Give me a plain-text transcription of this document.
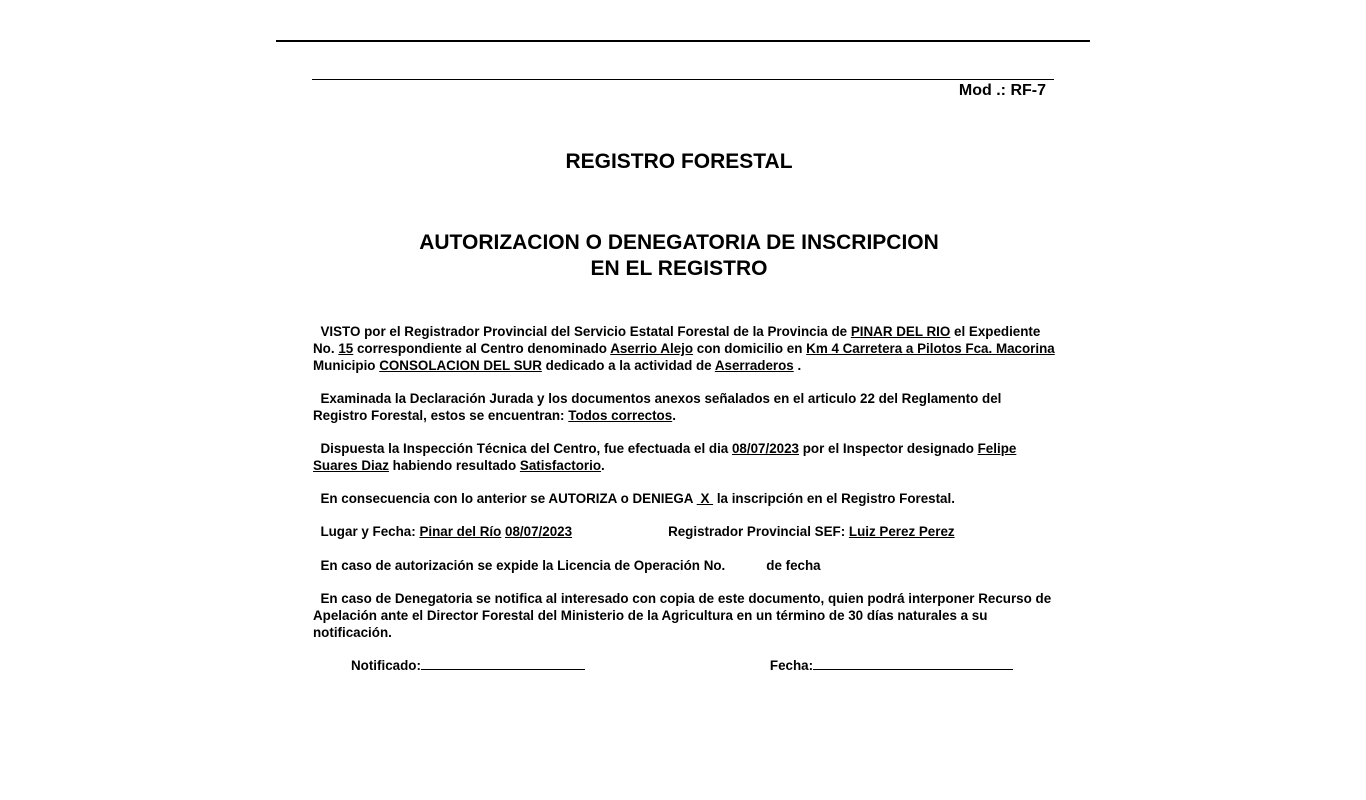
Mod .: RF-7
REGISTRO FORESTAL
AUTORIZACION O DENEGATORIA DE INSCRIPCION
EN EL REGISTRO
VISTO por el Registrador Provincial del Servicio Estatal Forestal de la Provincia de PINAR DEL RIO el Expediente No. 15 correspondiente al Centro denominado Aserrio Alejo con domicilio en Km 4 Carretera a Pilotos Fca. Macorina Municipio CONSOLACION DEL SUR dedicado a la actividad de Aserraderos .
Examinada la Declaración Jurada y los documentos anexos señalados en el articulo 22 del Reglamento del Registro Forestal, estos se encuentran: Todos correctos.
Dispuesta la Inspección Técnica del Centro, fue efectuada el dia 08/07/2023 por el Inspector designado Felipe Suares Diaz habiendo resultado Satisfactorio.
En consecuencia con lo anterior se AUTORIZA o DENIEGA  X  la inscripción en el Registro Forestal.
Lugar y Fecha: Pinar del Río 08/07/2023	Registrador Provincial SEF: Luiz Perez Perez
En caso de autorización se expide la Licencia de Operación No.	de fecha
En caso de Denegatoria se notifica al interesado con copia de este documento, quien podrá interponer Recurso de Apelación ante el Director Forestal del Ministerio de la Agricultura en un término de 30 días naturales a su notificación.
Notificado:	Fecha:
